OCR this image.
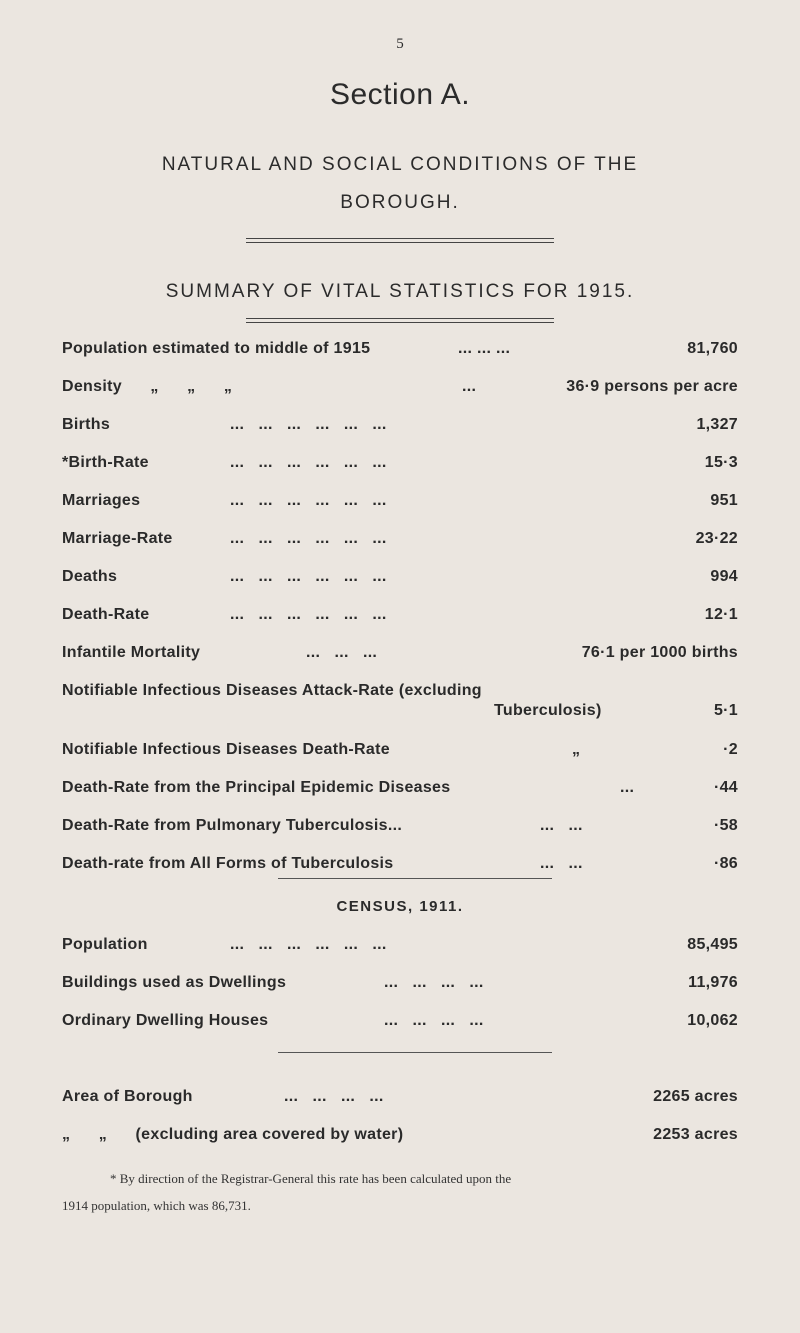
5
Section A.
NATURAL AND SOCIAL CONDITIONS OF THE
BOROUGH.
SUMMARY OF VITAL STATISTICS FOR 1915.
Population estimated to middle of 1915	... ... ...	81,760
Density      „      „      „	...	36·9 persons per acre
Births	...   ...   ...   ...   ...   ...	1,327
*Birth-Rate	...   ...   ...   ...   ...   ...	15·3
Marriages	...   ...   ...   ...   ...   ...	951
Marriage-Rate	...   ...   ...   ...   ...   ...	23·22
Deaths	...   ...   ...   ...   ...   ...	994
Death-Rate	...   ...   ...   ...   ...   ...	12·1
Infantile Mortality	...   ...   ...	76·1 per 1000 births
Notifiable Infectious Diseases Attack-Rate (excluding
Tuberculosis)	5·1
Notifiable Infectious Diseases Death-Rate	„	·2
Death-Rate from the Principal Epidemic Diseases	...	·44
Death-Rate from Pulmonary Tuberculosis...	...   ...	·58
Death-rate from All Forms of Tuberculosis	...   ...	·86
CENSUS, 1911.
Population	...   ...   ...   ...   ...   ...	85,495
Buildings used as Dwellings	...   ...   ...   ...	11,976
Ordinary Dwelling Houses	...   ...   ...   ...	10,062
Area of Borough	...   ...   ...   ...	2265 acres
„      „      (excluding area covered by water)	2253 acres
* By direction of the Registrar-General this rate has been calculated upon the
1914 population, which was 86,731.
